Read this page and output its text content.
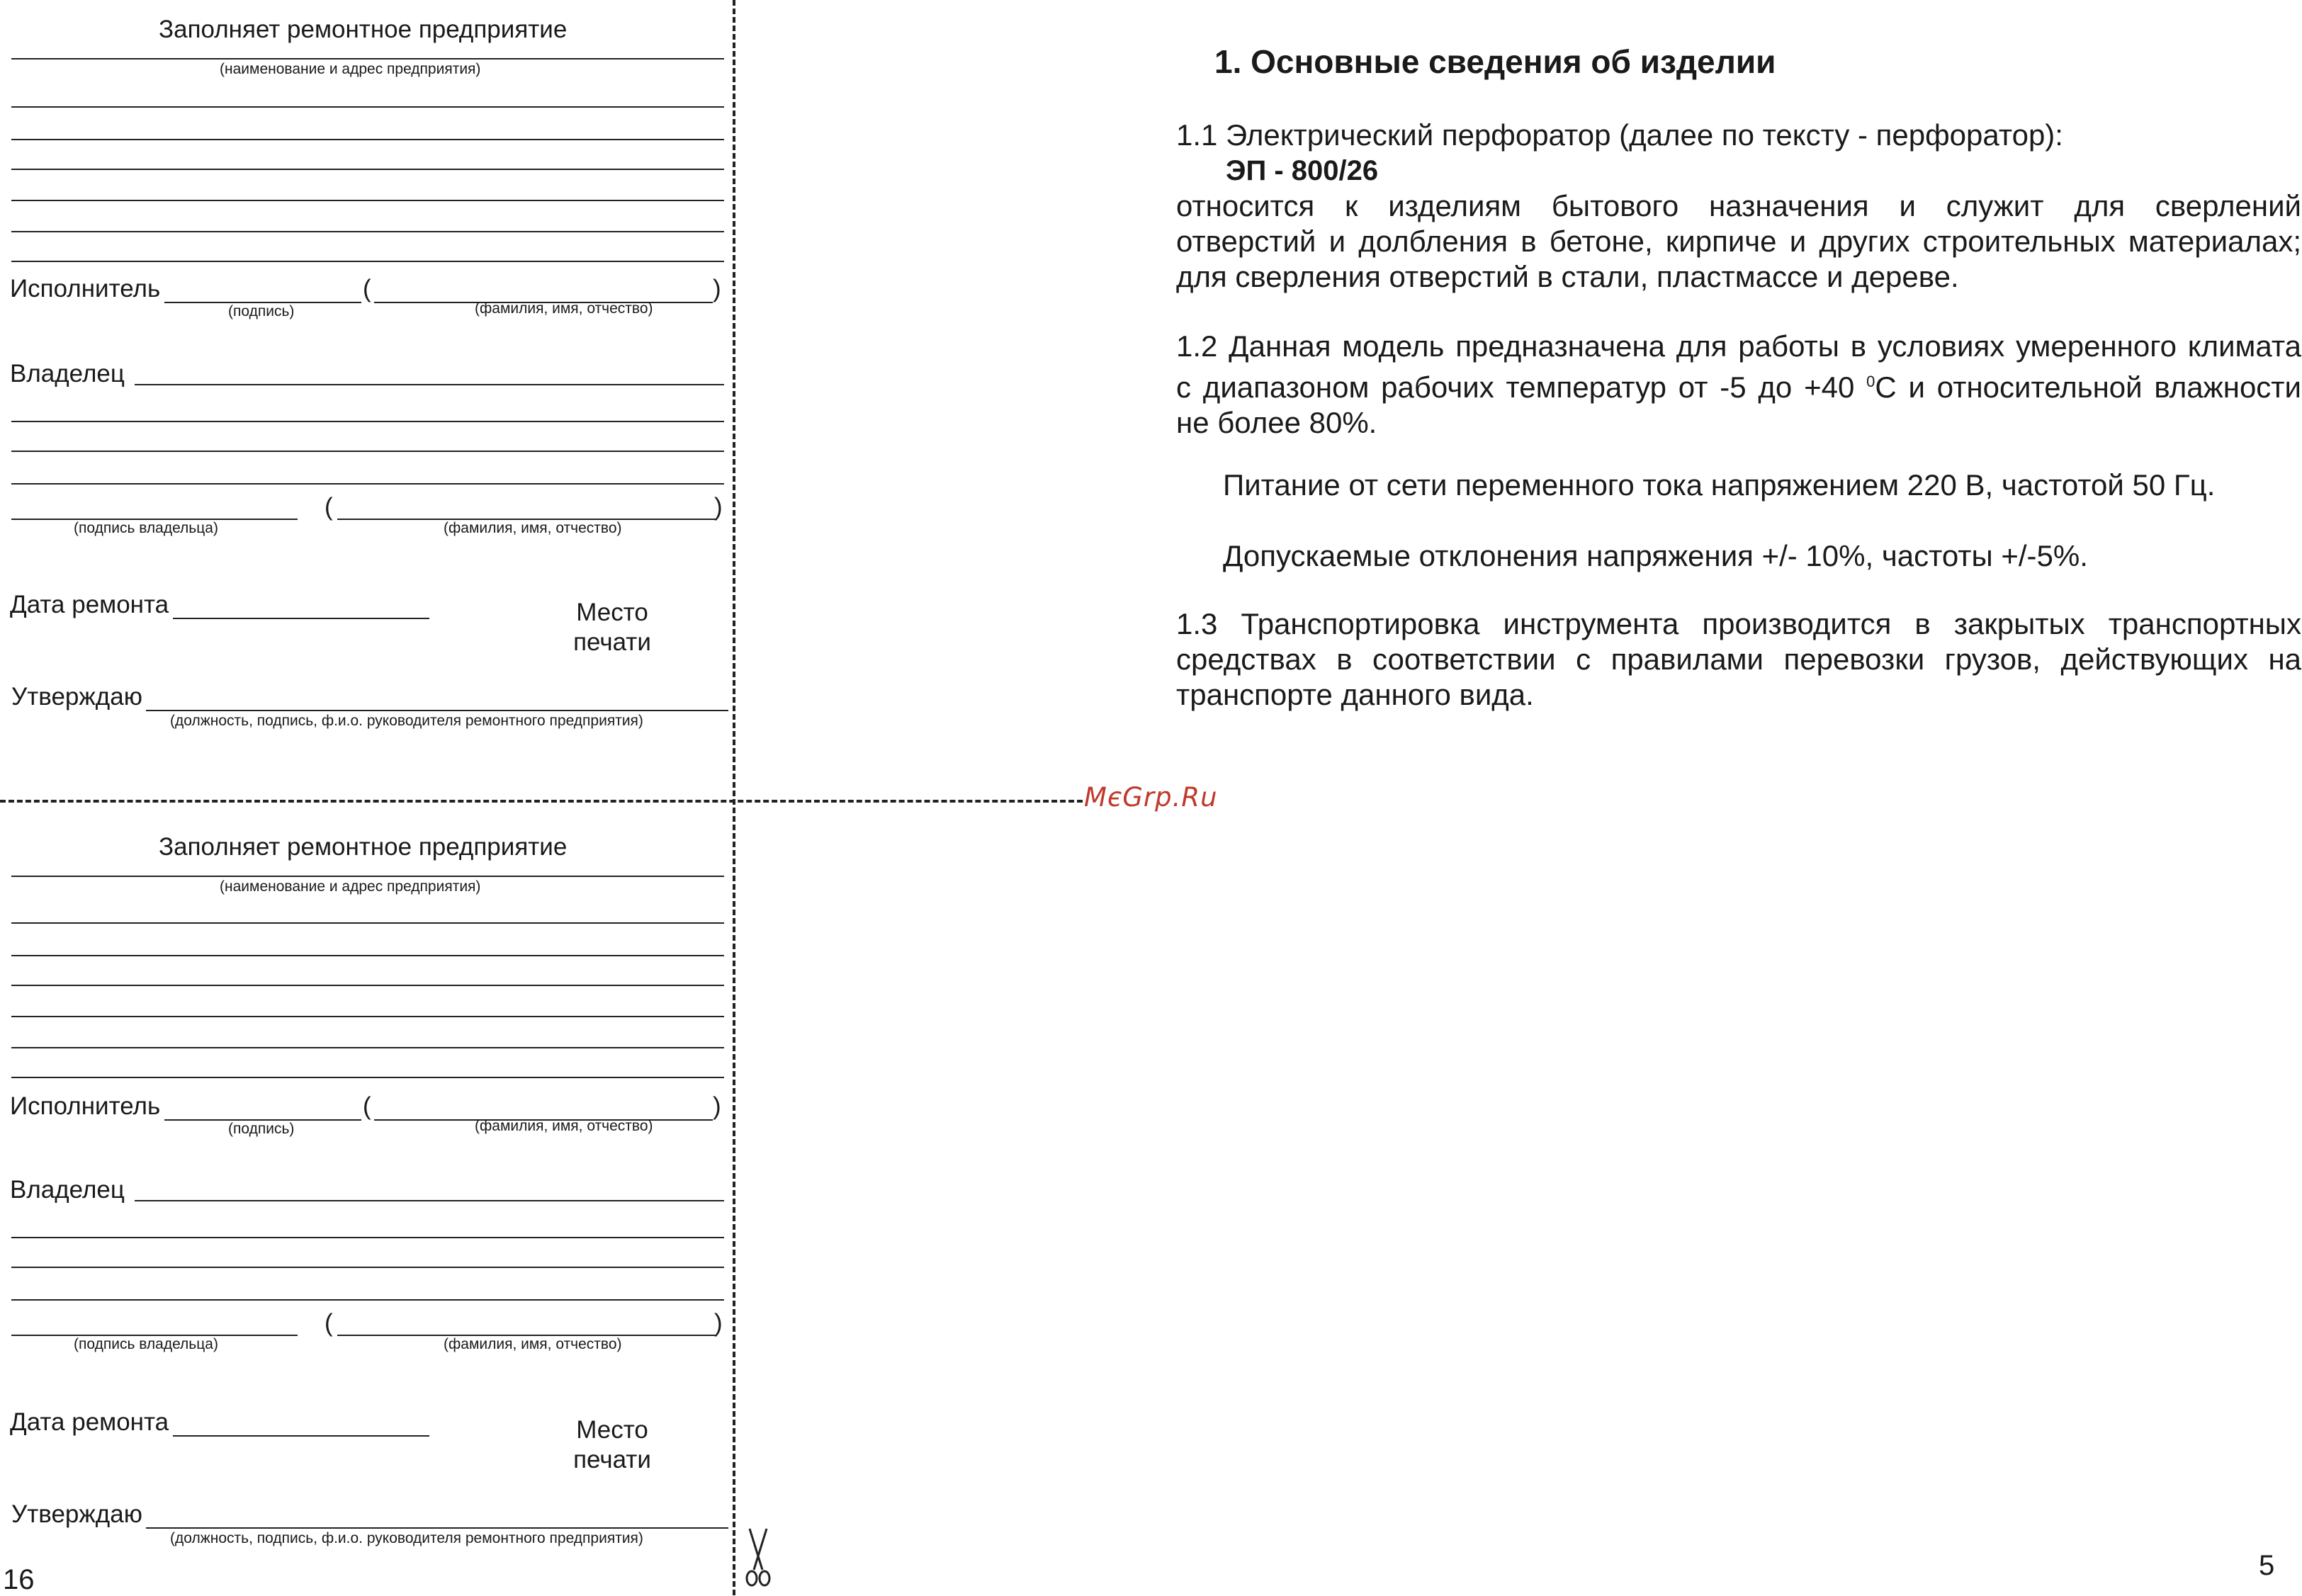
MєGrp.Ru
Заполняет ремонтное предприятие
(наименование и адрес предприятия)
Исполнитель	(	)
(подпись)	(фамилия, имя, отчество)
Владелец
(	)
(подпись владельца)	(фамилия, имя, отчество)
Дата ремонта	Место
печати
Утверждаю
(должность, подпись, ф.и.о. руководителя ремонтного предприятия)
Заполняет ремонтное предприятие
(наименование и адрес предприятия)
Исполнитель	(	)
(подпись)	(фамилия, имя, отчество)
Владелец
(	)
(подпись владельца)	(фамилия, имя, отчество)
Дата ремонта	Место
печати
Утверждаю
(должность, подпись, ф.и.о. руководителя ремонтного предприятия)
16	5
1. Основные сведения об изделии
1.1 Электрический перфоратор (далее по тексту - перфоратор):
ЭП - 800/26
относится к изделиям бытового назначения и служит для сверлений
отверстий и долбления в бетоне, кирпиче и других строительных материалах;
для сверления отверстий в стали, пластмассе и дереве.
1.2 Данная модель предназначена для работы в условиях умеренного климата
с диапазоном рабочих температур от -5 до +40 $^0$С и относительной влажности
не более 80%.
Питание от сети переменного тока напряжением 220 В, частотой 50 Гц.
Допускаемые отклонения напряжения +/- 10%, частоты +/-5%.
1.3 Транспортировка инструмента производится в закрытых транспортных
средствах в соответствии с правилами перевозки грузов, действующих на
транспорте данного вида.
